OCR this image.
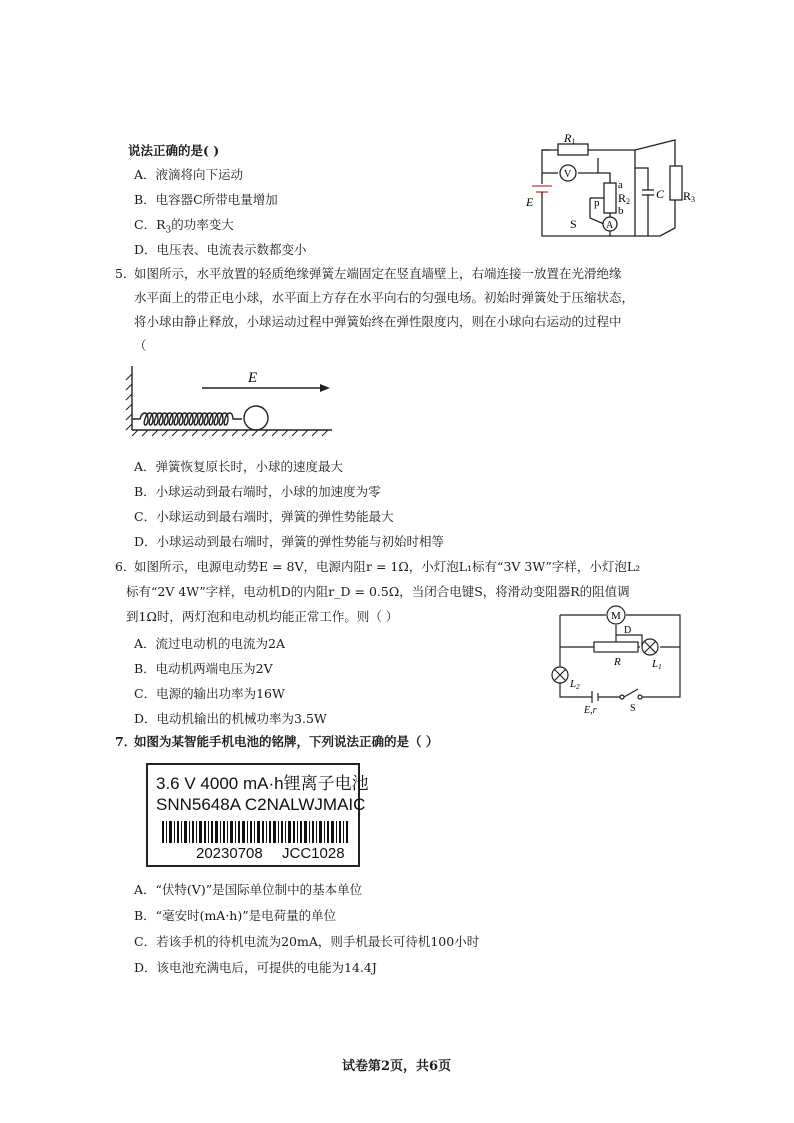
说法正确的是( )
A．液滴将向下运动
B．电容器C所带电量增加
C．$R_3$的功率变大
D．电压表、电流表示数都变小
R1
V
E
a
p
b
R2
C R3
S	A
5．
如图所示，水平放置的轻质绝缘弹簧左端固定在竖直墙壁上，右端连接一放置在光滑绝缘
水平面上的带正电小球，水平面上方存在水平向右的匀强电场。初始时弹簧处于压缩状态，
将小球由静止释放，小球运动过程中弹簧始终在弹性限度内，则在小球向右运动的过程中
（
E
A．弹簧恢复原长时，小球的速度最大
B．小球运动到最右端时，小球的加速度为零
C．小球运动到最右端时，弹簧的弹性势能最大
D．小球运动到最右端时，弹簧的弹性势能与初始时相等
6．
如图所示，电源电动势E = 8V，电源内阻r = 1Ω，小灯泡L₁标有“3V 3W”字样，小灯泡L₂
标有“2V 4W”字样，电动机D的内阻r_D = 0.5Ω，当闭合电键S，将滑动变阻器R的阻值调
到1Ω时，两灯泡和电动机均能正常工作。则（ ）
A．流过电动机的电流为2A
B．电动机两端电压为2V
C．电源的输出功率为16W
D．电动机输出的机械功率为3.5W
M
D
R	L1
L2
E,r	S
7．
如图为某智能手机电池的铭牌，下列说法正确的是（ ）
3.6 V 4000 mA·h锂离子电池
SNN5648A C2NALWJMAIC
20230708 JCC1028
A．“伏特(V)”是国际单位制中的基本单位
B．“毫安时(mA·h)”是电荷量的单位
C．若该手机的待机电流为20mA，则手机最长可待机100小时
D．该电池充满电后，可提供的电能为14.4J
试卷第2页，共6页
